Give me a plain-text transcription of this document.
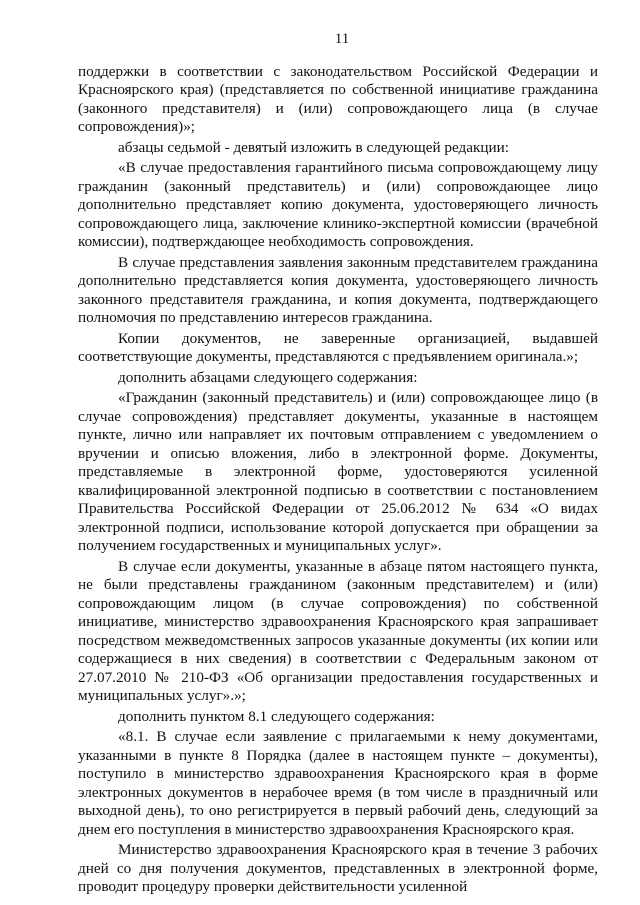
11

поддержки в соответствии с законодательством Российской Федерации и Красноярского края) (представляется по собственной инициативе гражданина (законного представителя) и (или) сопровождающего лица (в случае сопровождения)»;

абзацы седьмой - девятый изложить в следующей редакции:

«В случае предоставления гарантийного письма сопровождающему лицу гражданин (законный представитель) и (или) сопровождающее лицо дополнительно представляет копию документа, удостоверяющего личность сопровождающего лица, заключение клинико-экспертной комиссии (врачебной комиссии), подтверждающее необходимость сопровождения.

В случае представления заявления законным представителем гражданина дополнительно представляется копия документа, удостоверяющего личность законного представителя гражданина, и копия документа, подтверждающего полномочия по представлению интересов гражданина.

Копии документов, не заверенные организацией, выдавшей соответствующие документы, представляются с предъявлением оригинала.»;

дополнить абзацами следующего содержания:

«Гражданин (законный представитель) и (или) сопровождающее лицо (в случае сопровождения) представляет документы, указанные в настоящем пункте, лично или направляет их почтовым отправлением с уведомлением о вручении и описью вложения, либо в электронной форме. Документы, представляемые в электронной форме, удостоверяются усиленной квалифицированной электронной подписью в соответствии с постановлением Правительства Российской Федерации от 25.06.2012 № 634 «О видах электронной подписи, использование которой допускается при обращении за получением государственных и муниципальных услуг».

В случае если документы, указанные в абзаце пятом настоящего пункта, не были представлены гражданином (законным представителем) и (или) сопровождающим лицом (в случае сопровождения) по собственной инициативе, министерство здравоохранения Красноярского края запрашивает посредством межведомственных запросов указанные документы (их копии или содержащиеся в них сведения) в соответствии с Федеральным законом от 27.07.2010 № 210-ФЗ «Об организации предоставления государственных и муниципальных услуг».»;

дополнить пунктом 8.1 следующего содержания:

«8.1. В случае если заявление с прилагаемыми к нему документами, указанными в пункте 8 Порядка (далее в настоящем пункте – документы), поступило в министерство здравоохранения Красноярского края в форме электронных документов в нерабочее время (в том числе в праздничный или выходной день), то оно регистрируется в первый рабочий день, следующий за днем его поступления в министерство здравоохранения Красноярского края.

Министерство здравоохранения Красноярского края в течение 3 рабочих дней со дня получения документов, представленных в электронной форме, проводит процедуру проверки действительности усиленной
